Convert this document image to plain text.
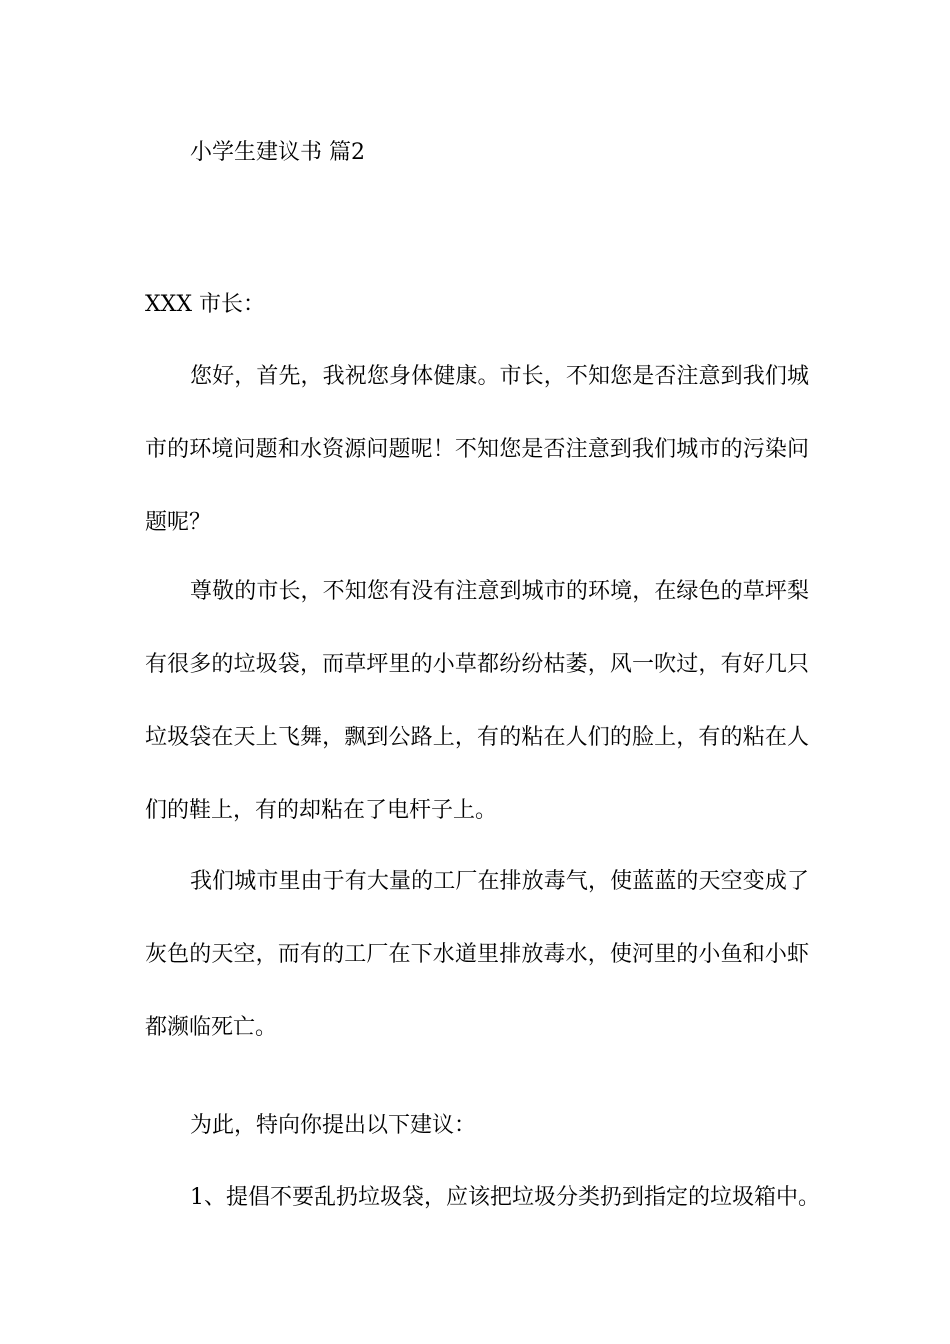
小学生建议书 篇2
XXX 市长：

您好，首先，我祝您身体健康。市长，不知您是否注意到我们城市的环境问题和水资源问题呢！不知您是否注意到我们城市的污染问题呢？

尊敬的市长，不知您有没有注意到城市的环境，在绿色的草坪梨有很多的垃圾袋，而草坪里的小草都纷纷枯萎，风一吹过，有好几只垃圾袋在天上飞舞，飘到公路上，有的粘在人们的脸上，有的粘在人们的鞋上，有的却粘在了电杆子上。

我们城市里由于有大量的工厂在排放毒气，使蓝蓝的天空变成了灰色的天空，而有的工厂在下水道里排放毒水，使河里的小鱼和小虾都濒临死亡。

为此，特向你提出以下建议：

1、提倡不要乱扔垃圾袋，应该把垃圾分类扔到指定的垃圾箱中。
